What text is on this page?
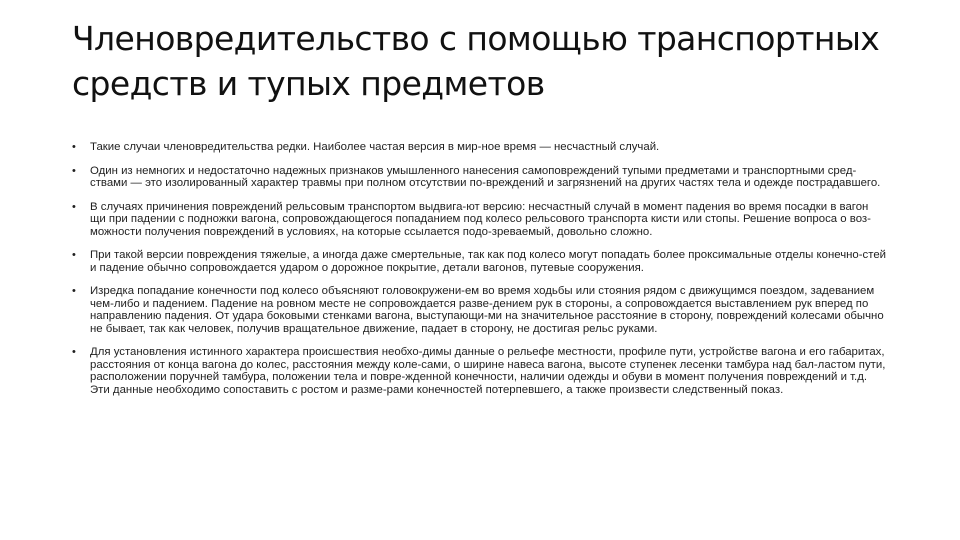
Членовредительство с помощью транспортных
средств и тупых предметов
• Такие случаи членовредительства редки. Наиболее частая версия в мир-ное время — несчастный случай.
• Один из немногих и недостаточно надежных признаков умышленного нанесения самоповреждений тупыми предметами и транспортными сред-ствами — это изолированный характер травмы при полном отсутствии по-вреждений и загрязнений на других частях тела и одежде пострадавшего.
• В случаях причинения повреждений рельсовым транспортом выдвига-ют версию: несчастный случай в момент падения во время посадки в вагон щи при падении с подножки вагона, сопровождающегося попаданием под колесо рельсового транспорта кисти или стопы. Решение вопроса о воз-можности получения повреждений в условиях, на которые ссылается подо-зреваемый, довольно сложно.
• При такой версии повреждения тяжелые, а иногда даже смертельные, так как под колесо могут попадать более проксимальные отделы конечно-стей и падение обычно сопровождается ударом о дорожное покрытие, детали вагонов, путевые сооружения.
• Изредка попадание конечности под колесо объясняют головокружени-ем во время ходьбы или стояния рядом с движущимся поездом, задеванием чем-либо и падением. Падение на ровном месте не сопровождается разве-дением рук в стороны, а сопровождается выставлением рук вперед по направлению падения. От удара боковыми стенками вагона, выступающи-ми на значительное расстояние в сторону, повреждений колесами обычно не бывает, так как человек, получив вращательное движение, падает в сторону, не достигая рельс руками.
• Для установления истинного характера происшествия необхо-димы данные о рельефе местности, профиле пути, устройстве вагона и его габаритах, расстояния от конца вагона до колес, расстояния между коле-сами, о ширине навеса вагона, высоте ступенек лесенки тамбура над бал-ластом пути, расположении поручней тамбура, положении тела и повре-жденной конечности, наличии одежды и обуви в момент получения повреждений и т.д. Эти данные необходимо сопоставить с ростом и разме-рами конечностей потерпевшего, а также произвести следственный показ.
